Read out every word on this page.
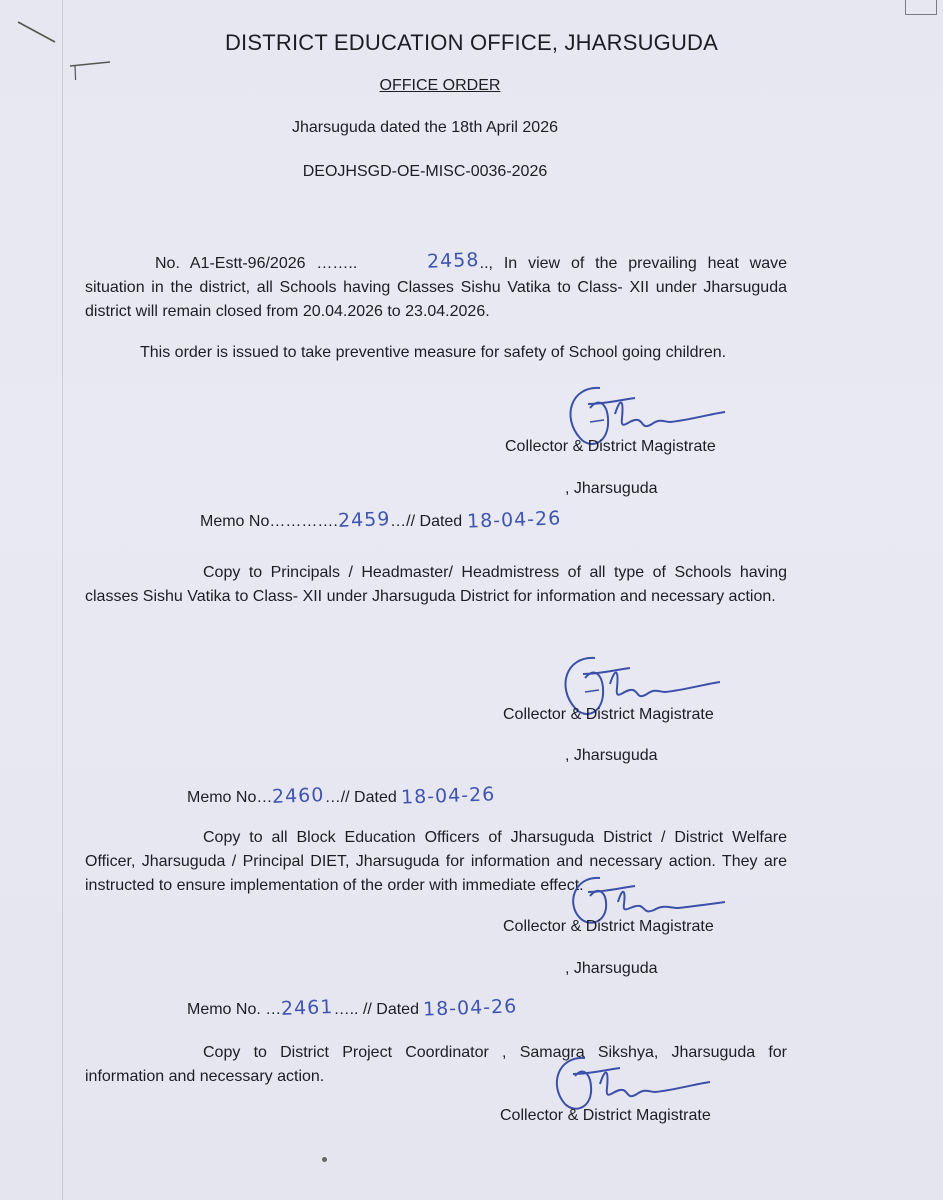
DISTRICT EDUCATION OFFICE, JHARSUGUDA
OFFICE ORDER
Jharsuguda dated the 18th April 2026
DEOJHSGD-OE-MISC-0036-2026
No. A1-Estt-96/2026 ……..	2458.., In view of the prevailing heat wave situation in the district, all Schools having Classes Sishu Vatika to Class- XII under Jharsuguda district will remain closed from 20.04.2026 to 23.04.2026.
This order is issued to take preventive measure for safety of School going children.
Collector & District Magistrate
, Jharsuguda
Memo No………….2459…// Dated 18-04-26
Copy to Principals / Headmaster/ Headmistress of all type of Schools having classes Sishu Vatika to Class- XII under Jharsuguda District for information and necessary action.
Collector & District Magistrate
, Jharsuguda
Memo No…2460…// Dated 18-04-26
Copy to all Block Education Officers of Jharsuguda District / District Welfare Officer, Jharsuguda / Principal DIET, Jharsuguda for information and necessary action. They are instructed to ensure implementation of the order with immediate effect.
Collector & District Magistrate
, Jharsuguda
Memo No. …2461….. // Dated 18-04-26
Copy to District Project Coordinator , Samagra Sikshya, Jharsuguda for information and necessary action.
Collector & District Magistrate
